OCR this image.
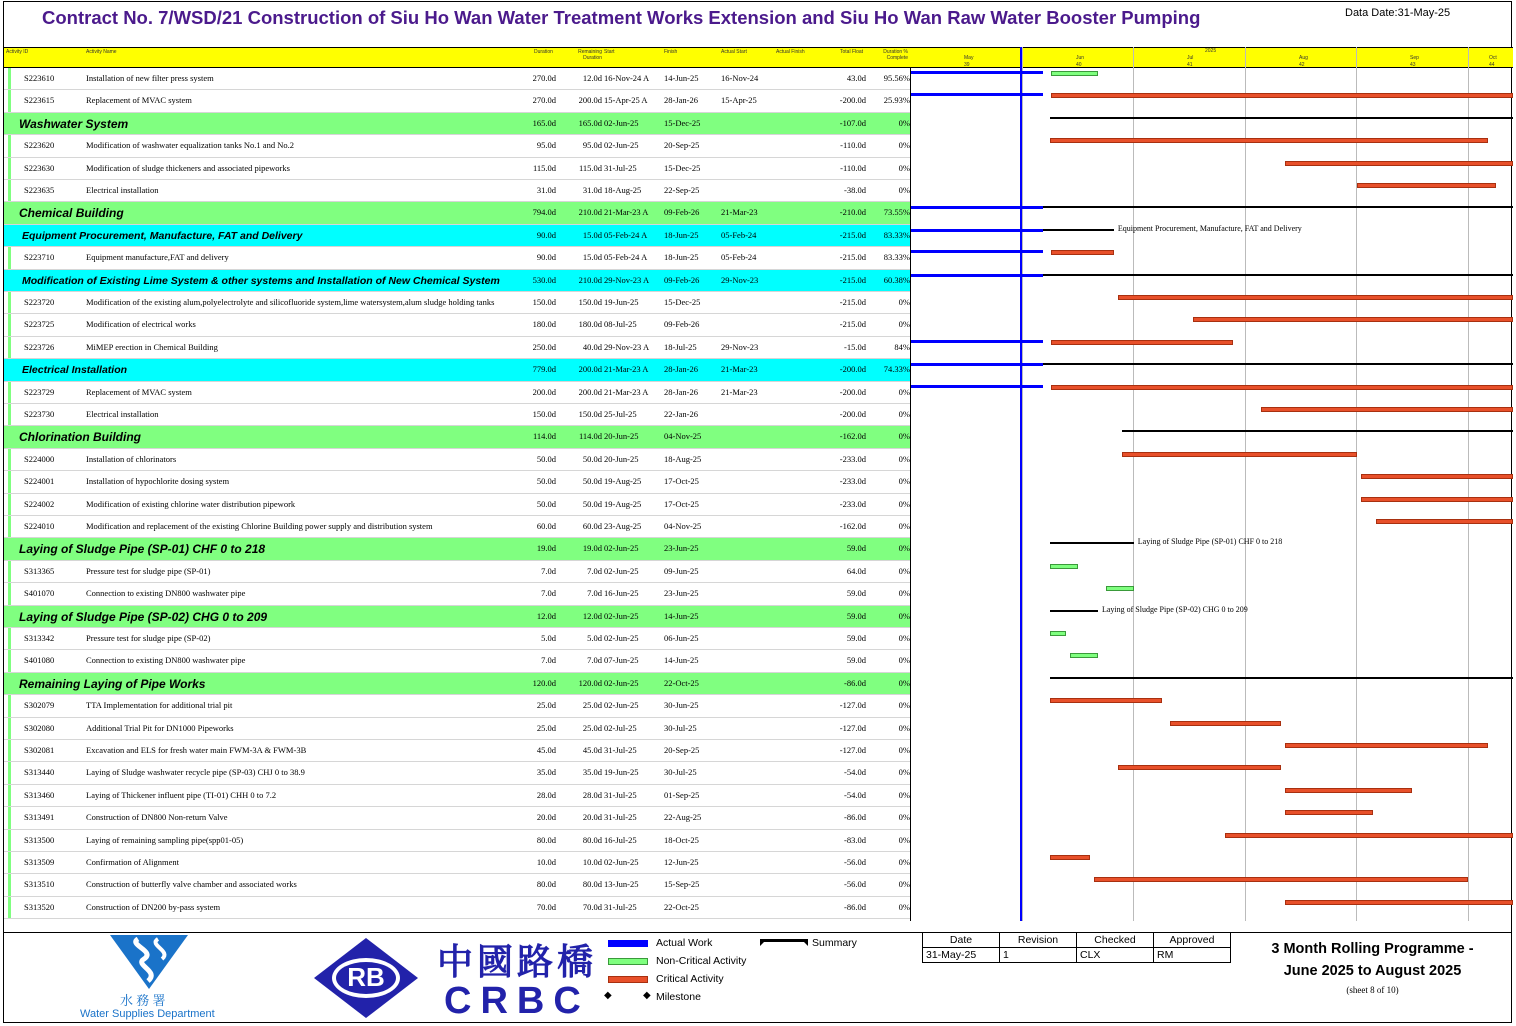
Contract No. 7/WSD/21 Construction of Siu Ho Wan Water Treatment Works Extension and Siu Ho Wan Raw Water Booster Pumping	Data Date:31-May-25
Activity ID	Activity Name	Duration	Remaining Duration
Start	Finish	Actual Start	Actual Finish	Total Float	Duration % Complete
2025
May	Jun	Jul	Aug	Sep	Oct
39	40	41	42	43	44
S223610	Installation of new filter press system	270.0d	12.0d 16-Nov-24 A	14-Jun-25	16-Nov-24	43.0d	95.56%
S223615	Replacement of MVAC system	270.0d	200.0d 15-Apr-25 A	28-Jan-26	15-Apr-25	-200.0d	25.93%
Washwater System	165.0d	165.0d 02-Jun-25	15-Dec-25	-107.0d	0%
S223620	Modification of washwater equalization tanks No.1 and No.2	95.0d	95.0d 02-Jun-25	20-Sep-25	-110.0d	0%
S223630	Modification of sludge thickeners and associated pipeworks	115.0d	115.0d 31-Jul-25	15-Dec-25	-110.0d	0%
S223635	Electrical installation	31.0d	31.0d 18-Aug-25	22-Sep-25	-38.0d	0%
Chemical Building	794.0d	210.0d 21-Mar-23 A	09-Feb-26	21-Mar-23	-210.0d	73.55%
Equipment Procurement, Manufacture, FAT and Delivery	90.0d	15.0d 05-Feb-24 A	18-Jun-25	05-Feb-24	-215.0d	83.33%
S223710	Equipment manufacture,FAT and delivery	90.0d	15.0d 05-Feb-24 A	18-Jun-25	05-Feb-24	-215.0d	83.33%
Modification of Existing Lime System & other systems and Installation of New Chemical System	530.0d	210.0d 29-Nov-23 A	09-Feb-26	29-Nov-23	-215.0d	60.38%
S223720	Modification of the existing alum,polyelectrolyte and silicofluoride system,lime watersystem,alum sludge holding tanks	150.0d	150.0d 19-Jun-25	15-Dec-25	-215.0d	0%
S223725	Modification of electrical works	180.0d	180.0d 08-Jul-25	09-Feb-26	-215.0d	0%
S223726	MiMEP erection in Chemical Building	250.0d	40.0d 29-Nov-23 A	18-Jul-25	29-Nov-23	-15.0d	84%
Electrical Installation	779.0d	200.0d 21-Mar-23 A	28-Jan-26	21-Mar-23	-200.0d	74.33%
S223729	Replacement of MVAC system	200.0d	200.0d 21-Mar-23 A	28-Jan-26	21-Mar-23	-200.0d	0%
S223730	Electrical installation	150.0d	150.0d 25-Jul-25	22-Jan-26	-200.0d	0%
Chlorination Building	114.0d	114.0d 20-Jun-25	04-Nov-25	-162.0d	0%
S224000	Installation of chlorinators	50.0d	50.0d 20-Jun-25	18-Aug-25	-233.0d	0%
S224001	Installation of hypochlorite dosing system	50.0d	50.0d 19-Aug-25	17-Oct-25	-233.0d	0%
S224002	Modification of existing chlorine water distribution pipework	50.0d	50.0d 19-Aug-25	17-Oct-25	-233.0d	0%
S224010	Modification and replacement of the existing Chlorine Building power supply and distribution system	60.0d	60.0d 23-Aug-25	04-Nov-25	-162.0d	0%
Laying of Sludge Pipe (SP-01) CHF 0 to 218	19.0d	19.0d 02-Jun-25	23-Jun-25	59.0d	0%
S313365	Pressure test for sludge pipe (SP-01)	7.0d	7.0d 02-Jun-25	09-Jun-25	64.0d	0%
S401070	Connection to existing DN800 washwater pipe	7.0d	7.0d 16-Jun-25	23-Jun-25	59.0d	0%
Laying of Sludge Pipe (SP-02) CHG 0 to 209	12.0d	12.0d 02-Jun-25	14-Jun-25	59.0d	0%
S313342	Pressure test for sludge pipe (SP-02)	5.0d	5.0d 02-Jun-25	06-Jun-25	59.0d	0%
S401080	Connection to existing DN800 washwater pipe	7.0d	7.0d 07-Jun-25	14-Jun-25	59.0d	0%
Remaining Laying of Pipe Works	120.0d	120.0d 02-Jun-25	22-Oct-25	-86.0d	0%
S302079	TTA Implementation for additional trial pit	25.0d	25.0d 02-Jun-25	30-Jun-25	-127.0d	0%
S302080	Additional Trial Pit for DN1000 Pipeworks	25.0d	25.0d 02-Jul-25	30-Jul-25	-127.0d	0%
S302081	Excavation and ELS for fresh water main FWM-3A & FWM-3B	45.0d	45.0d 31-Jul-25	20-Sep-25	-127.0d	0%
S313440	Laying of Sludge washwater recycle pipe (SP-03) CHJ 0 to 38.9	35.0d	35.0d 19-Jun-25	30-Jul-25	-54.0d	0%
S313460	Laying of Thickener influent pipe (TI-01) CHH 0 to 7.2	28.0d	28.0d 31-Jul-25	01-Sep-25	-54.0d	0%
S313491	Construction of DN800 Non-return Valve	20.0d	20.0d 31-Jul-25	22-Aug-25	-86.0d	0%
S313500	Laying of remaining sampling pipe(spp01-05)	80.0d	80.0d 16-Jul-25	18-Oct-25	-83.0d	0%
S313509	Confirmation of Alignment	10.0d	10.0d 02-Jun-25	12-Jun-25	-56.0d	0%
S313510	Construction of butterfly valve chamber and associated works	80.0d	80.0d 13-Jun-25	15-Sep-25	-56.0d	0%
S313520	Construction of DN200 by-pass system	70.0d	70.0d 31-Jul-25	22-Oct-25	-86.0d	0%
Equipment Procurement, Manufacture, FAT and Delivery
Laying of Sludge Pipe (SP-01) CHF 0 to 218
Laying of Sludge Pipe (SP-02) CHG 0 to 209
水 務 署
Water Supplies Department
RB 中國路橋
CRBC
Actual Work
Non-Critical Activity
Critical Activity
◆	◆ Milestone
Summary	Date	Revision	Checked	Approved
31-May-25	1	CLX	RM	3 Month Rolling Programme -
June 2025 to August 2025
(sheet 8 of 10)
